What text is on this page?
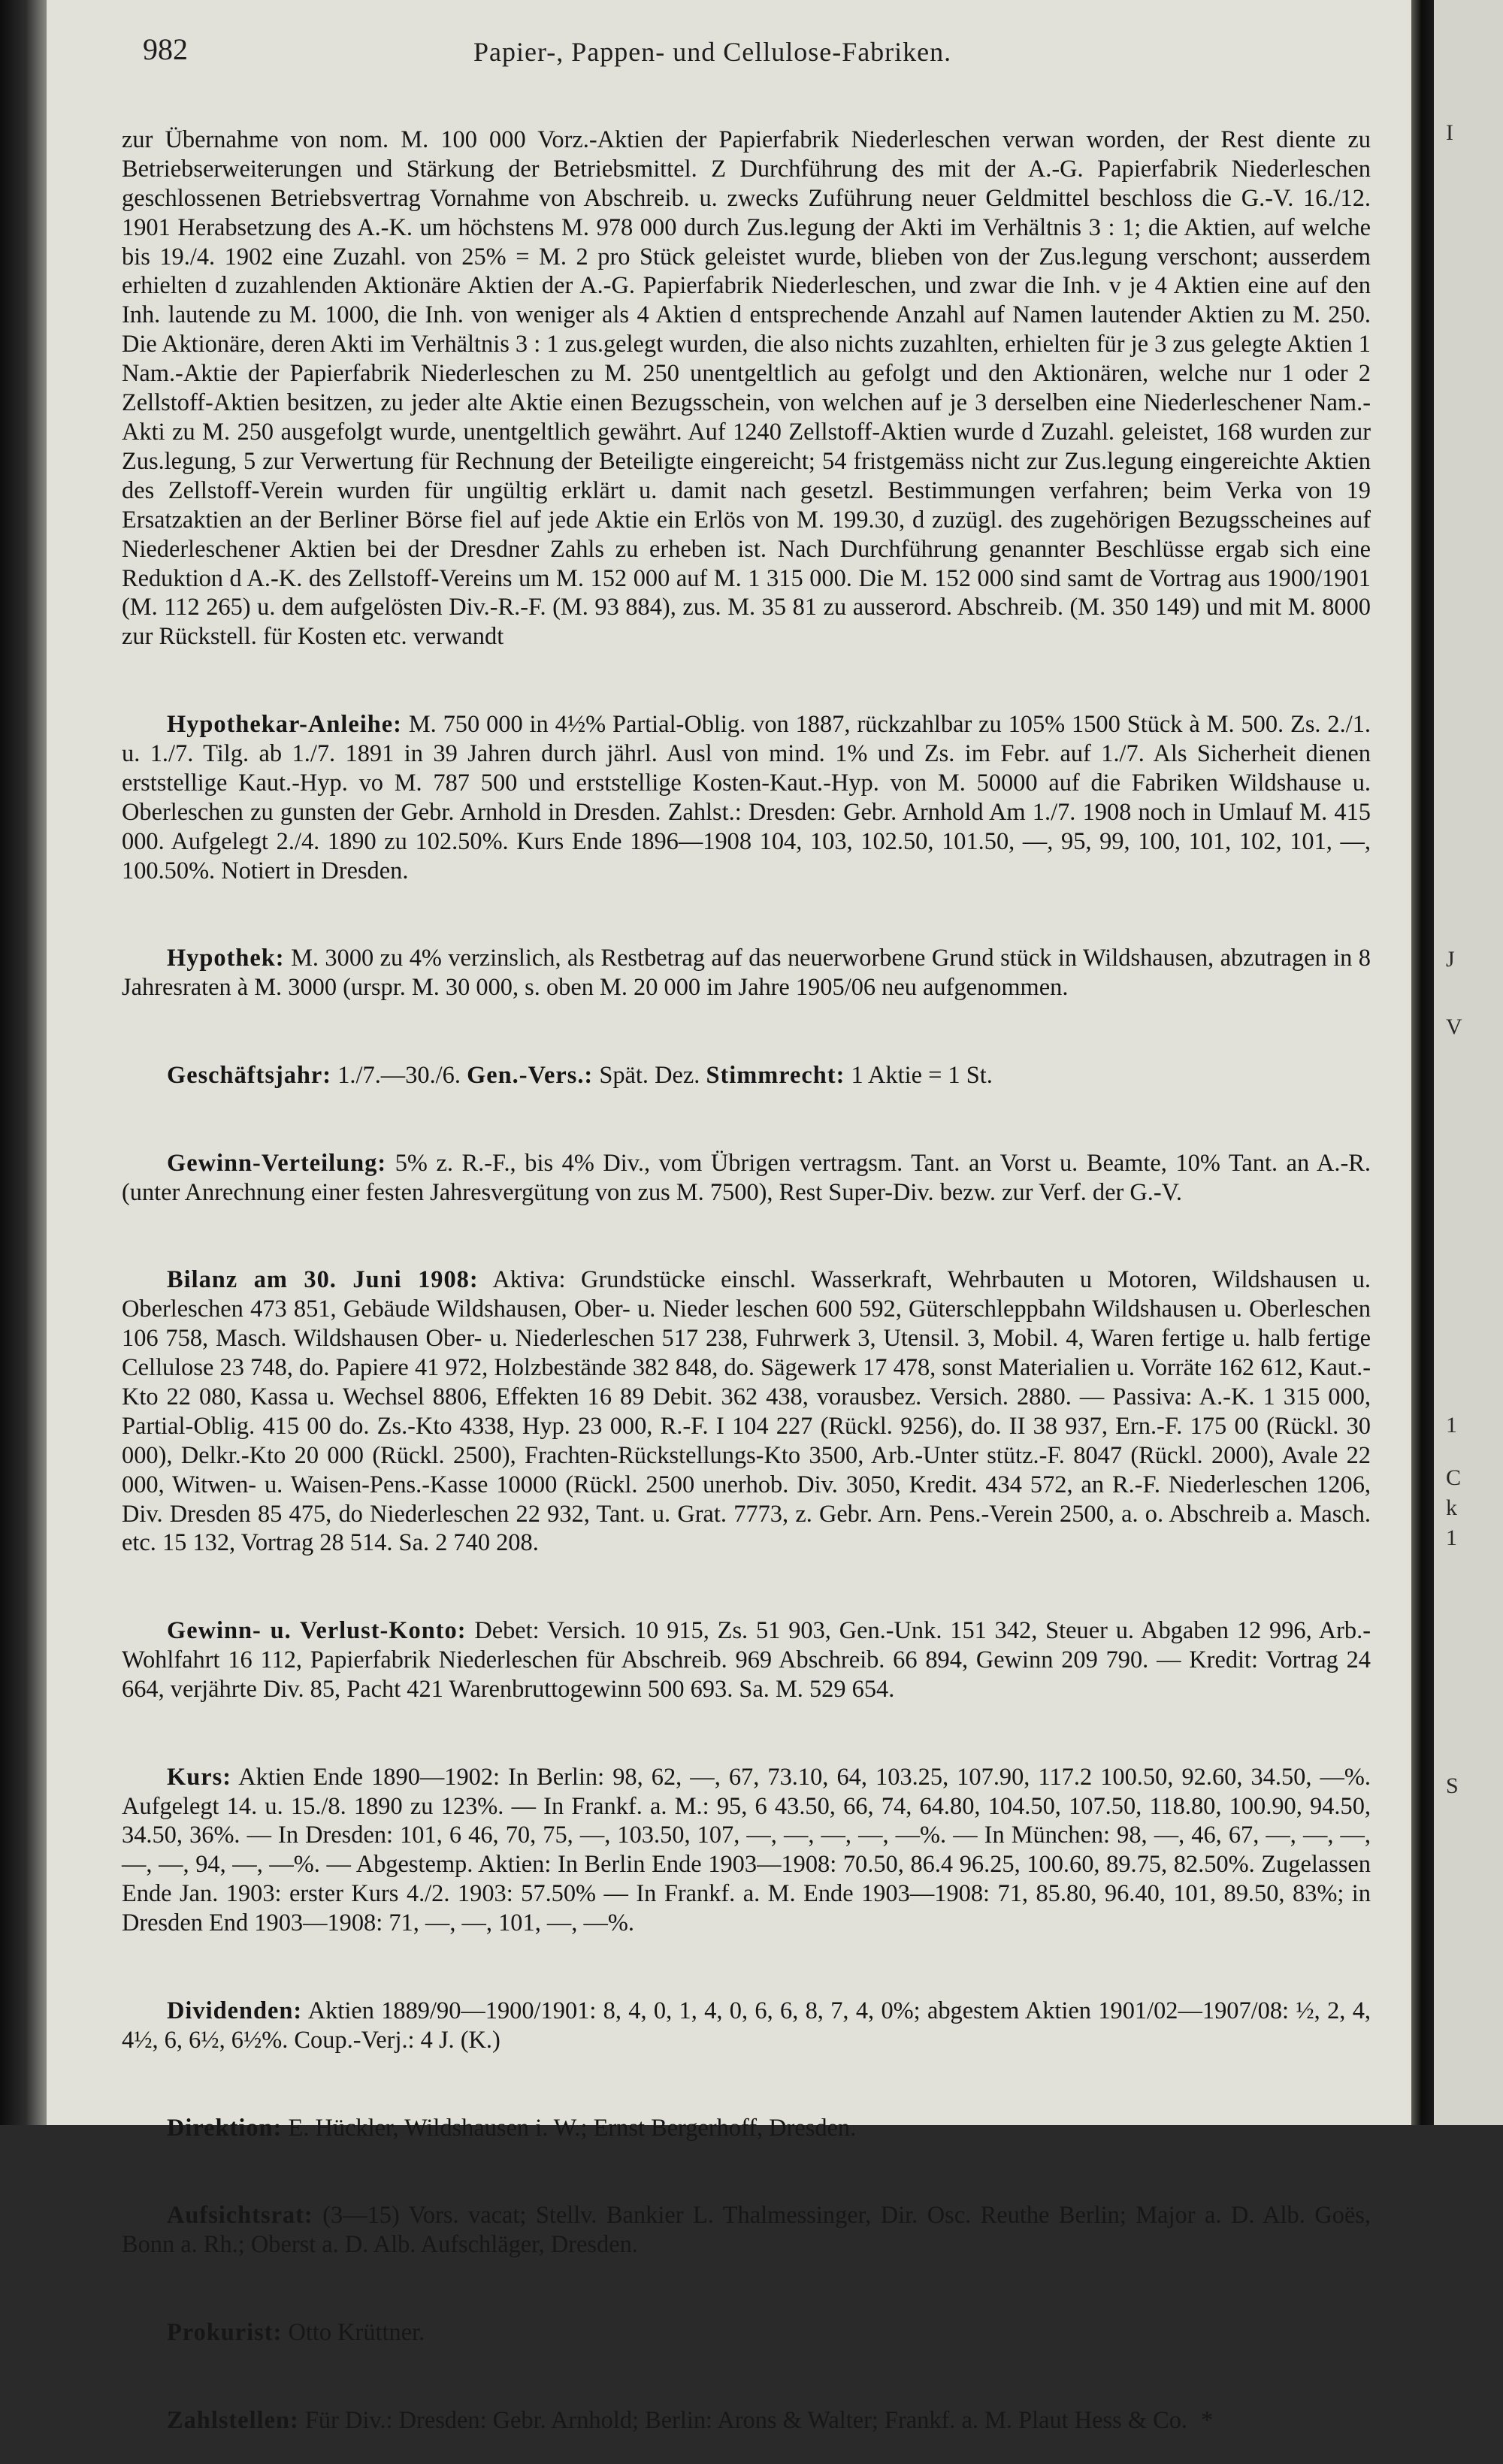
982	Papier-, Pappen- und Cellulose-Fabriken.

zur Übernahme von nom. M. 100 000 Vorz.-Aktien der Papierfabrik Niederleschen verwan worden, der Rest diente zu Betriebserweiterungen und Stärkung der Betriebsmittel. Z Durchführung des mit der A.-G. Papierfabrik Niederleschen geschlossenen Betriebsvertrag Vornahme von Abschreib. u. zwecks Zuführung neuer Geldmittel beschloss die G.-V. 16./12. 1901 Herabsetzung des A.-K. um höchstens M. 978 000 durch Zus.legung der Akti im Verhältnis 3 : 1; die Aktien, auf welche bis 19./4. 1902 eine Zuzahl. von 25% = M. 2 pro Stück geleistet wurde, blieben von der Zus.legung verschont; ausserdem erhielten d zuzahlenden Aktionäre Aktien der A.-G. Papierfabrik Niederleschen, und zwar die Inh. v je 4 Aktien eine auf den Inh. lautende zu M. 1000, die Inh. von weniger als 4 Aktien d entsprechende Anzahl auf Namen lautender Aktien zu M. 250. Die Aktionäre, deren Akti im Verhältnis 3 : 1 zus.gelegt wurden, die also nichts zuzahlten, erhielten für je 3 zus gelegte Aktien 1 Nam.-Aktie der Papierfabrik Niederleschen zu M. 250 unentgeltlich au gefolgt und den Aktionären, welche nur 1 oder 2 Zellstoff-Aktien besitzen, zu jeder alte Aktie einen Bezugsschein, von welchen auf je 3 derselben eine Niederleschener Nam.-Akti zu M. 250 ausgefolgt wurde, unentgeltlich gewährt. Auf 1240 Zellstoff-Aktien wurde d Zuzahl. geleistet, 168 wurden zur Zus.legung, 5 zur Verwertung für Rechnung der Beteiligte eingereicht; 54 fristgemäss nicht zur Zus.legung eingereichte Aktien des Zellstoff-Verein wurden für ungültig erklärt u. damit nach gesetzl. Bestimmungen verfahren; beim Verka von 19 Ersatzaktien an der Berliner Börse fiel auf jede Aktie ein Erlös von M. 199.30, d zuzügl. des zugehörigen Bezugsscheines auf Niederleschener Aktien bei der Dresdner Zahls zu erheben ist. Nach Durchführung genannter Beschlüsse ergab sich eine Reduktion d A.-K. des Zellstoff-Vereins um M. 152 000 auf M. 1 315 000. Die M. 152 000 sind samt de Vortrag aus 1900/1901 (M. 112 265) u. dem aufgelösten Div.-R.-F. (M. 93 884), zus. M. 35 81 zu ausserord. Abschreib. (M. 350 149) und mit M. 8000 zur Rückstell. für Kosten etc. verwandt

Hypothekar-Anleihe: M. 750 000 in 4½% Partial-Oblig. von 1887, rückzahlbar zu 105% 1500 Stück à M. 500. Zs. 2./1. u. 1./7. Tilg. ab 1./7. 1891 in 39 Jahren durch jährl. Ausl von mind. 1% und Zs. im Febr. auf 1./7. Als Sicherheit dienen erststellige Kaut.-Hyp. vo M. 787 500 und erststellige Kosten-Kaut.-Hyp. von M. 50000 auf die Fabriken Wildshause u. Oberleschen zu gunsten der Gebr. Arnhold in Dresden. Zahlst.: Dresden: Gebr. Arnhold Am 1./7. 1908 noch in Umlauf M. 415 000. Aufgelegt 2./4. 1890 zu 102.50%. Kurs Ende 1896—1908 104, 103, 102.50, 101.50, —, 95, 99, 100, 101, 102, 101, —, 100.50%. Notiert in Dresden.

Hypothek: M. 3000 zu 4% verzinslich, als Restbetrag auf das neuerworbene Grund stück in Wildshausen, abzutragen in 8 Jahresraten à M. 3000 (urspr. M. 30 000, s. oben M. 20 000 im Jahre 1905/06 neu aufgenommen.

Geschäftsjahr: 1./7.—30./6. Gen.-Vers.: Spät. Dez. Stimmrecht: 1 Aktie = 1 St.

Gewinn-Verteilung: 5% z. R.-F., bis 4% Div., vom Übrigen vertragsm. Tant. an Vorst u. Beamte, 10% Tant. an A.-R. (unter Anrechnung einer festen Jahresvergütung von zus M. 7500), Rest Super-Div. bezw. zur Verf. der G.-V.

Bilanz am 30. Juni 1908: Aktiva: Grundstücke einschl. Wasserkraft, Wehrbauten u Motoren, Wildshausen u. Oberleschen 473 851, Gebäude Wildshausen, Ober- u. Nieder leschen 600 592, Güterschleppbahn Wildshausen u. Oberleschen 106 758, Masch. Wildshausen Ober- u. Niederleschen 517 238, Fuhrwerk 3, Utensil. 3, Mobil. 4, Waren fertige u. halb fertige Cellulose 23 748, do. Papiere 41 972, Holzbestände 382 848, do. Sägewerk 17 478, sonst Materialien u. Vorräte 162 612, Kaut.-Kto 22 080, Kassa u. Wechsel 8806, Effekten 16 89 Debit. 362 438, vorausbez. Versich. 2880. — Passiva: A.-K. 1 315 000, Partial-Oblig. 415 00 do. Zs.-Kto 4338, Hyp. 23 000, R.-F. I 104 227 (Rückl. 9256), do. II 38 937, Ern.-F. 175 00 (Rückl. 30 000), Delkr.-Kto 20 000 (Rückl. 2500), Frachten-Rückstellungs-Kto 3500, Arb.-Unter stütz.-F. 8047 (Rückl. 2000), Avale 22 000, Witwen- u. Waisen-Pens.-Kasse 10000 (Rückl. 2500 unerhob. Div. 3050, Kredit. 434 572, an R.-F. Niederleschen 1206, Div. Dresden 85 475, do Niederleschen 22 932, Tant. u. Grat. 7773, z. Gebr. Arn. Pens.-Verein 2500, a. o. Abschreib a. Masch. etc. 15 132, Vortrag 28 514. Sa. 2 740 208.

Gewinn- u. Verlust-Konto: Debet: Versich. 10 915, Zs. 51 903, Gen.-Unk. 151 342, Steuer u. Abgaben 12 996, Arb.-Wohlfahrt 16 112, Papierfabrik Niederleschen für Abschreib. 969 Abschreib. 66 894, Gewinn 209 790. — Kredit: Vortrag 24 664, verjährte Div. 85, Pacht 421 Warenbruttogewinn 500 693. Sa. M. 529 654.

Kurs: Aktien Ende 1890—1902: In Berlin: 98, 62, —, 67, 73.10, 64, 103.25, 107.90, 117.2 100.50, 92.60, 34.50, —%. Aufgelegt 14. u. 15./8. 1890 zu 123%. — In Frankf. a. M.: 95, 6 43.50, 66, 74, 64.80, 104.50, 107.50, 118.80, 100.90, 94.50, 34.50, 36%. — In Dresden: 101, 6 46, 70, 75, —, 103.50, 107, —, —, —, —, —%. — In München: 98, —, 46, 67, —, —, —, —, —, 94, —, —%. — Abgestemp. Aktien: In Berlin Ende 1903—1908: 70.50, 86.4 96.25, 100.60, 89.75, 82.50%. Zugelassen Ende Jan. 1903: erster Kurs 4./2. 1903: 57.50% — In Frankf. a. M. Ende 1903—1908: 71, 85.80, 96.40, 101, 89.50, 83%; in Dresden End 1903—1908: 71, —, —, 101, —, —%.

Dividenden: Aktien 1889/90—1900/1901: 8, 4, 0, 1, 4, 0, 6, 6, 8, 7, 4, 0%; abgestem Aktien 1901/02—1907/08: ½, 2, 4, 4½, 6, 6½, 6½%. Coup.-Verj.: 4 J. (K.)

Direktion: E. Hückler, Wildshausen i. W.; Ernst Bergerhoff, Dresden.

Aufsichtsrat: (3—15) Vors. vacat; Stellv. Bankier L. Thalmessinger, Dir. Osc. Reuthe Berlin; Major a. D. Alb. Goës, Bonn a. Rh.; Oberst a. D. Alb. Aufschläger, Dresden.

Prokurist: Otto Krüttner.

Zahlstellen: Für Div.: Dresden: Gebr. Arnhold; Berlin: Arons & Walter; Frankf. a. M. Plaut Hess & Co. *

I
J
V
1
C
k
1
S
